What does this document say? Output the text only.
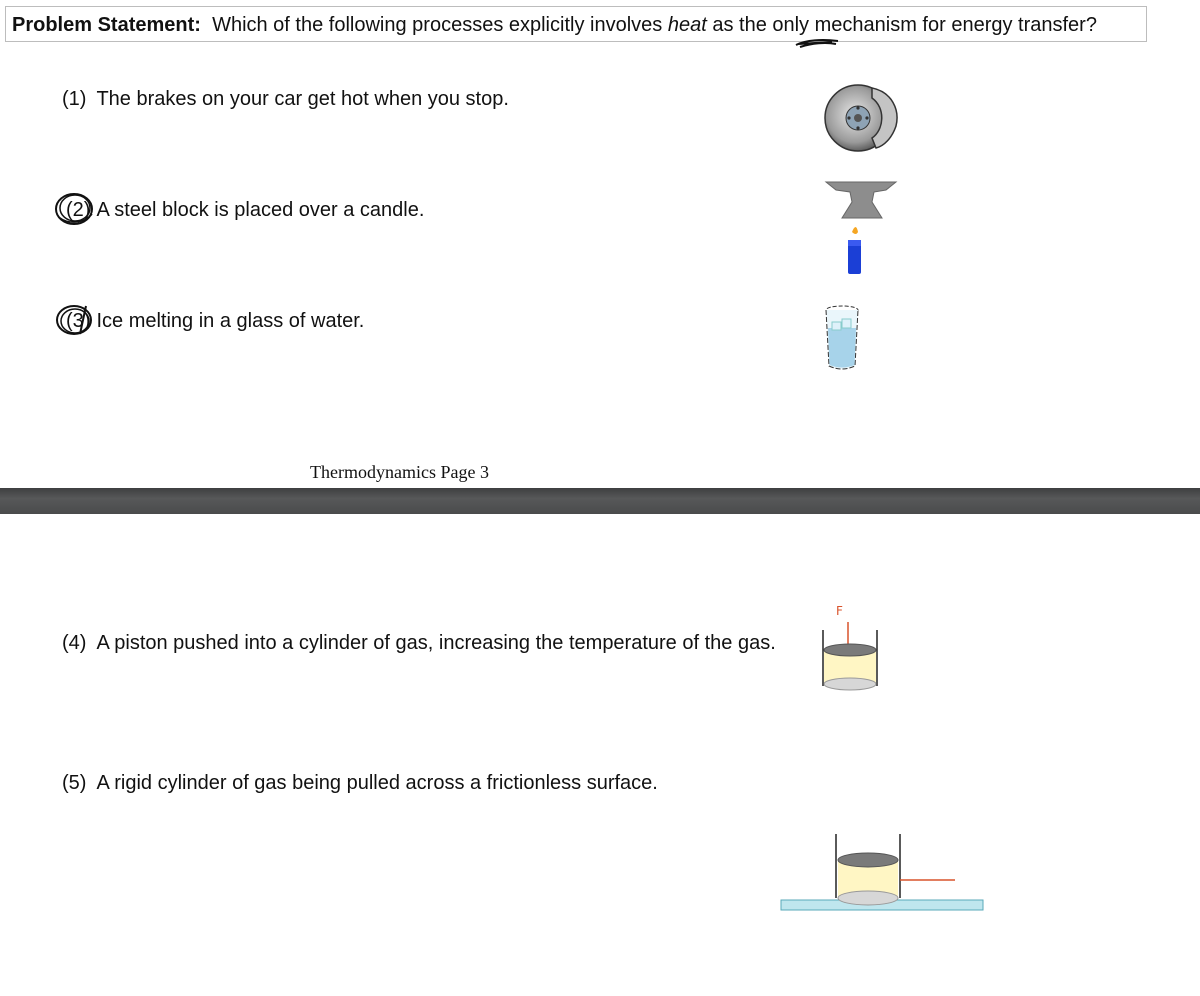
Problem Statement: Which of the following processes explicitly involves heat as the only mechanism for energy transfer?
(1) The brakes on your car get hot when you stop.
(2) A steel block is placed over a candle.
(3) Ice melting in a glass of water.
Thermodynamics Page 3
(4) A piston pushed into a cylinder of gas, increasing the temperature of the gas.
F
(5) A rigid cylinder of gas being pulled across a frictionless surface.
